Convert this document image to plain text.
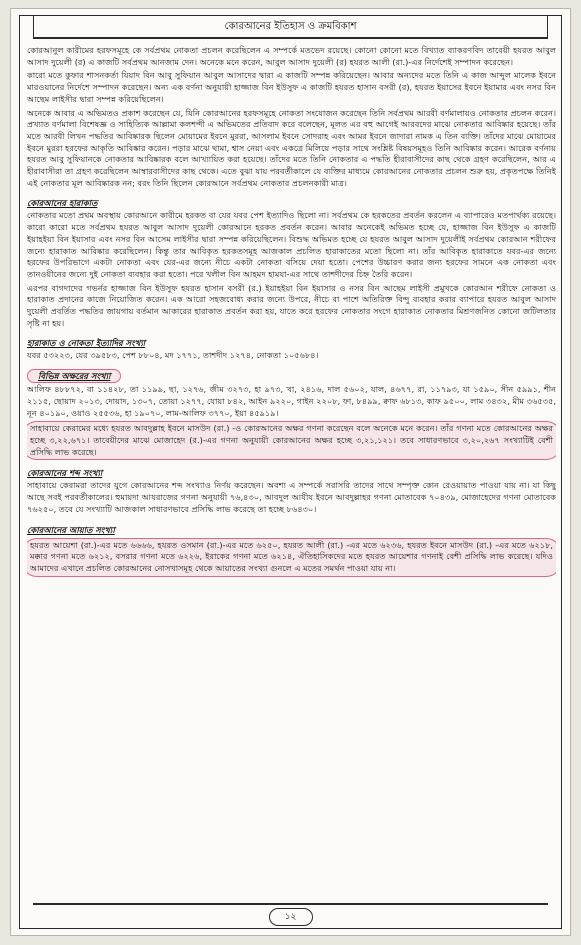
কোরআনের ইতিহাস ও ক্রমবিকাশ

কোরআনুল কারীমের হরফসমূহে কে সর্বপ্রথম নোকতা প্রচলন করেছিলেন এ সম্পর্কে মতভেদ রয়েছে। কোনো কোনো মতে বিখ্যাত ব্যাকরণবিদ তাবেয়ী হযরত আবুল আসাদ দুয়েলী (র) এ কাজটি সর্বপ্রথম আনজাম দেন। অনেকে মনে করেন, আবুল আসাদ দুয়েলী (র) হযরত আলী (রা.)-এর নির্দেশেই সম্পাদন করেছেন।

কারো মতে কুফার শাসনকর্তা যিয়াদ বিন আবু সুফিয়ান আবুল আসাদের দ্বারা এ কাজটি সম্পন্ন করিয়েছেন। আবার অন্যদের মতে তিনি এ কাজ আব্দুল মালেক ইবনে মারওয়ানের নির্দেশে সম্পাদন করেছেন। অন্য এক বর্ণনা অনুযায়ী হাজ্জাজ বিন ইউসুফ এ কাজটি হযরত হাসান বসরী (র), হযরত ইয়াসের ইবনে ইয়ামার এবং নসর বিন আছেম লাইসীর দ্বারা সম্পন্ন করিয়েছিলেন।

অনেকে আবার এ অভিমতও প্রকাশ করেছেন যে, যিনি কোরআনের হরফসমূহে নোকতা সংযোজন করেছেন তিনি সর্বপ্রথম আরবী বর্ণমালায়ও নোকতার প্রচলন করেন। প্রখ্যাত বর্ণমালা বিশেষজ্ঞ ও সাহিত্যিক আল্লামা কলশন্দী এ অভিমতের প্রতিবাদ করে বলেছেন, মূলত এর বহু আগেই আরবদের মাঝে নোকতার আবিষ্কার হয়েছে। তাঁর মতে আরবী লিখন পদ্ধতির আবিষ্কারক ছিলেন মোয়ামের ইবনে মুররা, আসলাম ইবনে সোদরাহ এবং আমর ইবনে জাদারা নামক এ তিন ব্যক্তি। তাঁদের মাঝে মোয়ামের ইবনে মুররা হরফের আকৃতি আবিষ্কার করেন। পড়ার মাঝে থামা, শ্বাস নেয়া এবং একত্রে মিলিয়ে পড়ার সাথে সংশ্লিষ্ট বিষয়সমূহও তিনি আবিষ্কার করেন। আরেক বর্ণনায় হযরত আবু সুফিয়ানকে নোকতার আবিষ্কারক বলে আখ্যায়িত করা হয়েছে। তাঁদের মতে তিনি নোকতার এ পদ্ধতি হীরাবাসীদের কাছ থেকে গ্রহণ করেছিলেন, আর এ হীরাবাসীরা তা গ্রহণ করেছিলেন আম্বারবাসীদের কাছ থেকে। এতে বুঝা যায় পরবর্তীকালে যে ব্যক্তির মাধ্যমে কোরআনের নোকতার প্রচলন শুরু হয়, প্রকৃতপক্ষে তিনিই এই নোকতার মূল আবিষ্কারক নন; বরং তিনি ছিলেন কোরআনে সর্বপ্রথম নোকতার প্রচলনকারী মাত্র।

কোরআনের হারাকাত

নোকতার মতো প্রথম অবস্থায় কোরআনে কারীমে হরকত বা যের যবর পেশ ইত্যাদিও ছিলো না। সর্বপ্রথম কে হরকতের প্রবর্তন করলেন এ ব্যাপারেও মতপার্থক্য রয়েছে। কারো কারো মতে সর্বপ্রথম হযরত আবুল আসাদ দুয়েলী কোরআনে হরকত প্রবর্তন করেন। আবার অনেকেই অভিমত হচ্ছে যে, হাজ্জাজ বিন ইউসুফ এ কাজটি ইয়াহইয়া বিন ইয়াসার এবং নসর বিন আসেম লাইসীর দ্বারা সম্পন্ন করিয়েছিলেন। বিশুদ্ধ অভিমত হচ্ছে যে হযরত আবুল আসাদ দুয়েলীই সর্বপ্রথম কোরআন শরীফের জন্যে হারাকাত আবিষ্কার করেছিলেন। কিন্তু তার আবিকৃত হরকতসমূহ আজকাল প্রচলিত হারাকাতের মতো ছিলো না। তাঁর আবিকৃত হারাকাতে যবর-এর জন্যে হরফের উপরিভাগে একটা নোকতা এবং যের-এর জন্যে নীচে একটা নোকতা বসিয়ে দেয়া হতো। পেশের উচ্চারণ করার জন্য হরফের সামনে এক নোকতা এবং তানওয়ীনের জন্যে দুই নোকতা ব্যবহার করা হতো। পরে খলীল বিন আহমদ হামযা-এর সাথে তাশদীদের চিহ্ন তৈরি করেন।

এরপর বাগদাদের গভর্নর হাজ্জাজ বিন ইউসুফ হযরত হাসান বসরী (র.) ইয়াহইয়া বিন ইয়াসার ও নসর বিন আছেম লাইসী প্রমুখকে কোরআন শরীফে নোকতা ও হারাকাত প্রদানের কাজে নিয়োজিত করেন। এক আরো সহজবোধ্য করার জন্যে উপরে, নীচে বা পাশে অতিরিক্ত বিন্দু ব্যবহার করার ব্যাপারে হযরত আবুল আসাদ দুয়েলী প্রবর্তিত পদ্ধতির জায়গায় বর্তমান আকারের হারাকাত প্রবর্তন করা হয়, যাতে করে হরফের নোকতার সংগে হারাকাত নোকতার মিশ্রণজনিত কোনো জটিলতার সৃষ্টি না হয়।

হারাকাত ও নোকতা ইত্যাদির সংখ্যা

যবর ৫৩২২৩, যের ৩৯৫৮৩, পেশ ৮৮০৪, মদ ১৭৭১, তাশদীদ ১২৭৪, নোকতা ১০৫৬৮৪।

বিভিন্ন অক্ষরের সংখ্যা

আলিফ ৪৮৮৭২, বা ১১৪২৮, তা ১১৯৯, ছা, ১২৭৬, জীম ৩২৭৩, হা ৯৭৩, খা, ২৪১৬, দাল ৫৬০২, যাল, ৪৬৭৭, রা, ১১৭৯৩, যা ১৫৯০, সীন ৫৯৯১, শীন ২১১৫, ছোয়াদ ২০১৩, দোয়াদ, ১৩০৭, তোয়া ১২৭৭, যোয়া ৮৪২, আইন ৯২২০, গাইন ২২০৮, ফা, ৮৪৯৯, ক্বাফ ৬৮১৩, কাফ ৯৫০০, লাম ৩৪৩২, মীম ৩৬৫৩৫, নূন ৪০১৯০, ওয়াও ২৫৫৩৬, হা ১৯০৭০, লাম-আলিফ ৩৭৭০, ইয়া ৪৫৯১৯।

সাহাবায়ে কেরামের মধ্যে হযরত আবদুল্লাহ ইবনে মাসউদ (রা.) -ও কোরআনের অক্ষর গণনা করেছেন বলে অনেকে মনে করেন। তাঁর গণনা মতে কোরআনের অক্ষর হচ্ছে ৩,২২,৬৭১। তাবেয়ীদের মাঝে মোজাহেদ (র.)-এর গণনা অনুযায়ী কোরআনের অক্ষর হচ্ছে ৩,২১,১২১। তবে সাধারণভাবে ৩,২০,২৬৭ সংখ্যাটিই বেশী প্রসিদ্ধি লাভ করেছে।

কোরআনের শব্দ সংখ্যা

সাহাবায়ে কেরামরা তাদের যুগে কোরআনের শব্দ সংখ্যাও নির্ণয় করেছেন। অবশ্য এ সম্পর্কে সরাসরি তাদের সাথে সম্পৃক্ত কোন রেওয়ায়াত পাওয়া যায় না। যা কিছু আছে সবই পরবর্তীকালের। হুমায়দা আযরাজের গণনা অনুযায়ী ৭৬,৪৩০, আবদুল আযীয ইবনে আবদুল্লাহর গণনা মোতাবেক ৭০৪৩৯, মোজাহেদের গণনা মোতাবেক ৭৬২৫০, তবে যে সংখ্যাটি আজকাল সাধারণভাবে প্রসিদ্ধি লাভ করেছে তা হচ্ছে ৮৬৪৩০।

কোরআনের আয়াত সংখ্যা

হযরত আয়েশা (রা.)-এর মতে ৬৬৬৬, হযরত ওসমান (রা.)-এর মতে ৬২৫০, হযরত আলী (রা.) -এর মতে ৬২৩৬, হযরত ইবনে মাসউদ (রা.) -এর মতে ৬২১৮, মক্কার গণনা মতে ৬২১২, বসরার গণনা মতে ৬২২৬, ইরাকের গণনা মতে ৬২১৪, ঐতিহাসিকদের মতে হযরত আয়েশার গণনাই বেশী প্রসিদ্ধি লাভ করেছে। যদিও আমাদের এখানে প্রচলিত কোরআনের নোসখাসমূহ থেকে আয়াতের সংখ্যা গুনলে এ মতের সমর্থন পাওয়া যায় না।

১২
